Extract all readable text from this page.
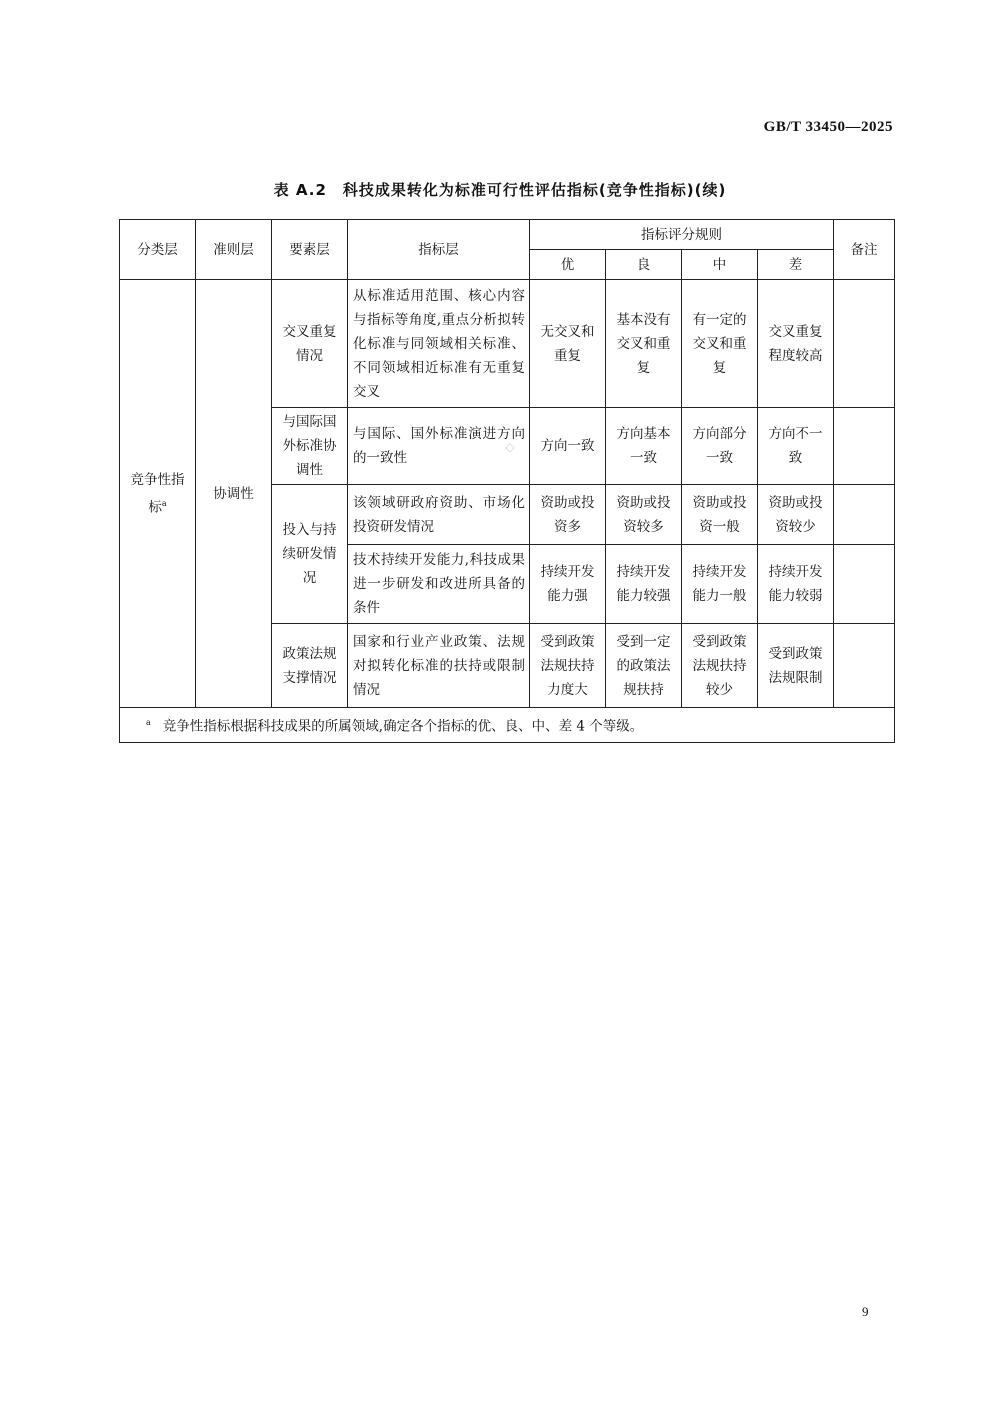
GB/T 33450—2025
表 A.2　科技成果转化为标准可行性评估指标(竞争性指标)(续)
◇
分类层	准则层	要素层	指标层	指标评分规则				备注
				优	良	中	差	
竞争性指标$^a$	协调性	交叉重复情况	从标准适用范围、核心内容与指标等角度,重点分析拟转化标准与同领域相关标准、不同领域相近标准有无重复交叉	无交叉和重复	基本没有交叉和重复	有一定的交叉和重复	交叉重复程度较高	
		与国际国外标准协调性	与国际、国外标准演进方向的一致性	方向一致	方向基本一致	方向部分一致	方向不一致	
		投入与持续研发情况	该领域研政府资助、市场化投资研发情况	资助或投资多	资助或投资较多	资助或投资一般	资助或投资较少	
			技术持续开发能力,科技成果进一步研发和改进所具备的条件	持续开发能力强	持续开发能力较强	持续开发能力一般	持续开发能力较弱	
		政策法规支撑情况	国家和行业产业政策、法规对拟转化标准的扶持或限制情况	受到政策法规扶持力度大	受到一定的政策法规扶持	受到政策法规扶持较少	受到政策法规限制	
$^a$ 竞争性指标根据科技成果的所属领域,确定各个指标的优、良、中、差 4 个等级。								
9
